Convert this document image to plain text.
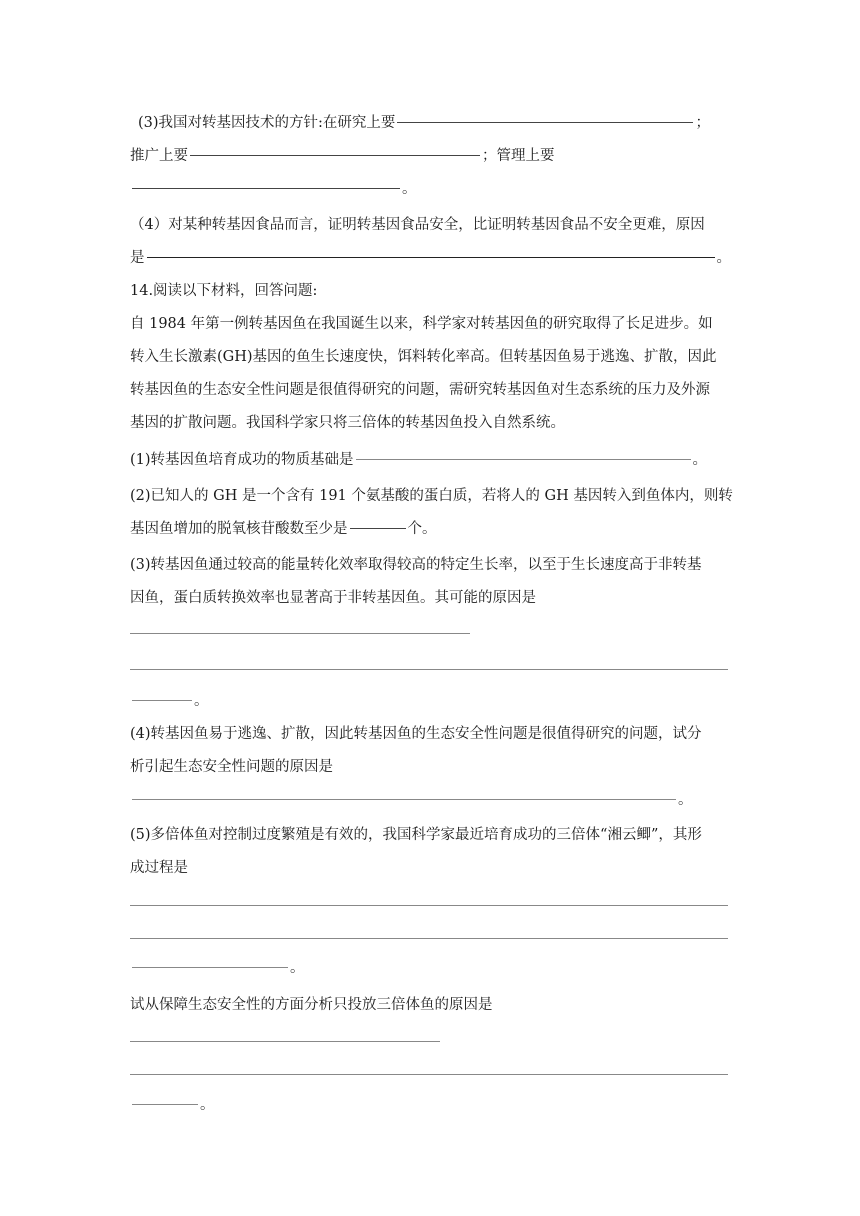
(3)我国对转基因技术的方针:在研究上要	；
推广上要	；管理上要
。
（4）对某种转基因食品而言，证明转基因食品安全，比证明转基因食品不安全更难，原因
是	。
14.阅读以下材料，回答问题:
自 1984 年第一例转基因鱼在我国诞生以来，科学家对转基因鱼的研究取得了长足进步。如
转入生长激素(GH)基因的鱼生长速度快，饵料转化率高。但转基因鱼易于逃逸、扩散，因此
转基因鱼的生态安全性问题是很值得研究的问题，需研究转基因鱼对生态系统的压力及外源
基因的扩散问题。我国科学家只将三倍体的转基因鱼投入自然系统。
(1)转基因鱼培育成功的物质基础是	。
(2)已知人的 GH 是一个含有 191 个氨基酸的蛋白质，若将人的 GH 基因转入到鱼体内，则转
基因鱼增加的脱氧核苷酸数至少是	个。
(3)转基因鱼通过较高的能量转化效率取得较高的特定生长率，以至于生长速度高于非转基
因鱼，蛋白质转换效率也显著高于非转基因鱼。其可能的原因是
。
(4)转基因鱼易于逃逸、扩散，因此转基因鱼的生态安全性问题是很值得研究的问题，试分
析引起生态安全性问题的原因是
。
(5)多倍体鱼对控制过度繁殖是有效的，我国科学家最近培育成功的三倍体“湘云鲫”，其形
成过程是
。
试从保障生态安全性的方面分析只投放三倍体鱼的原因是
。
